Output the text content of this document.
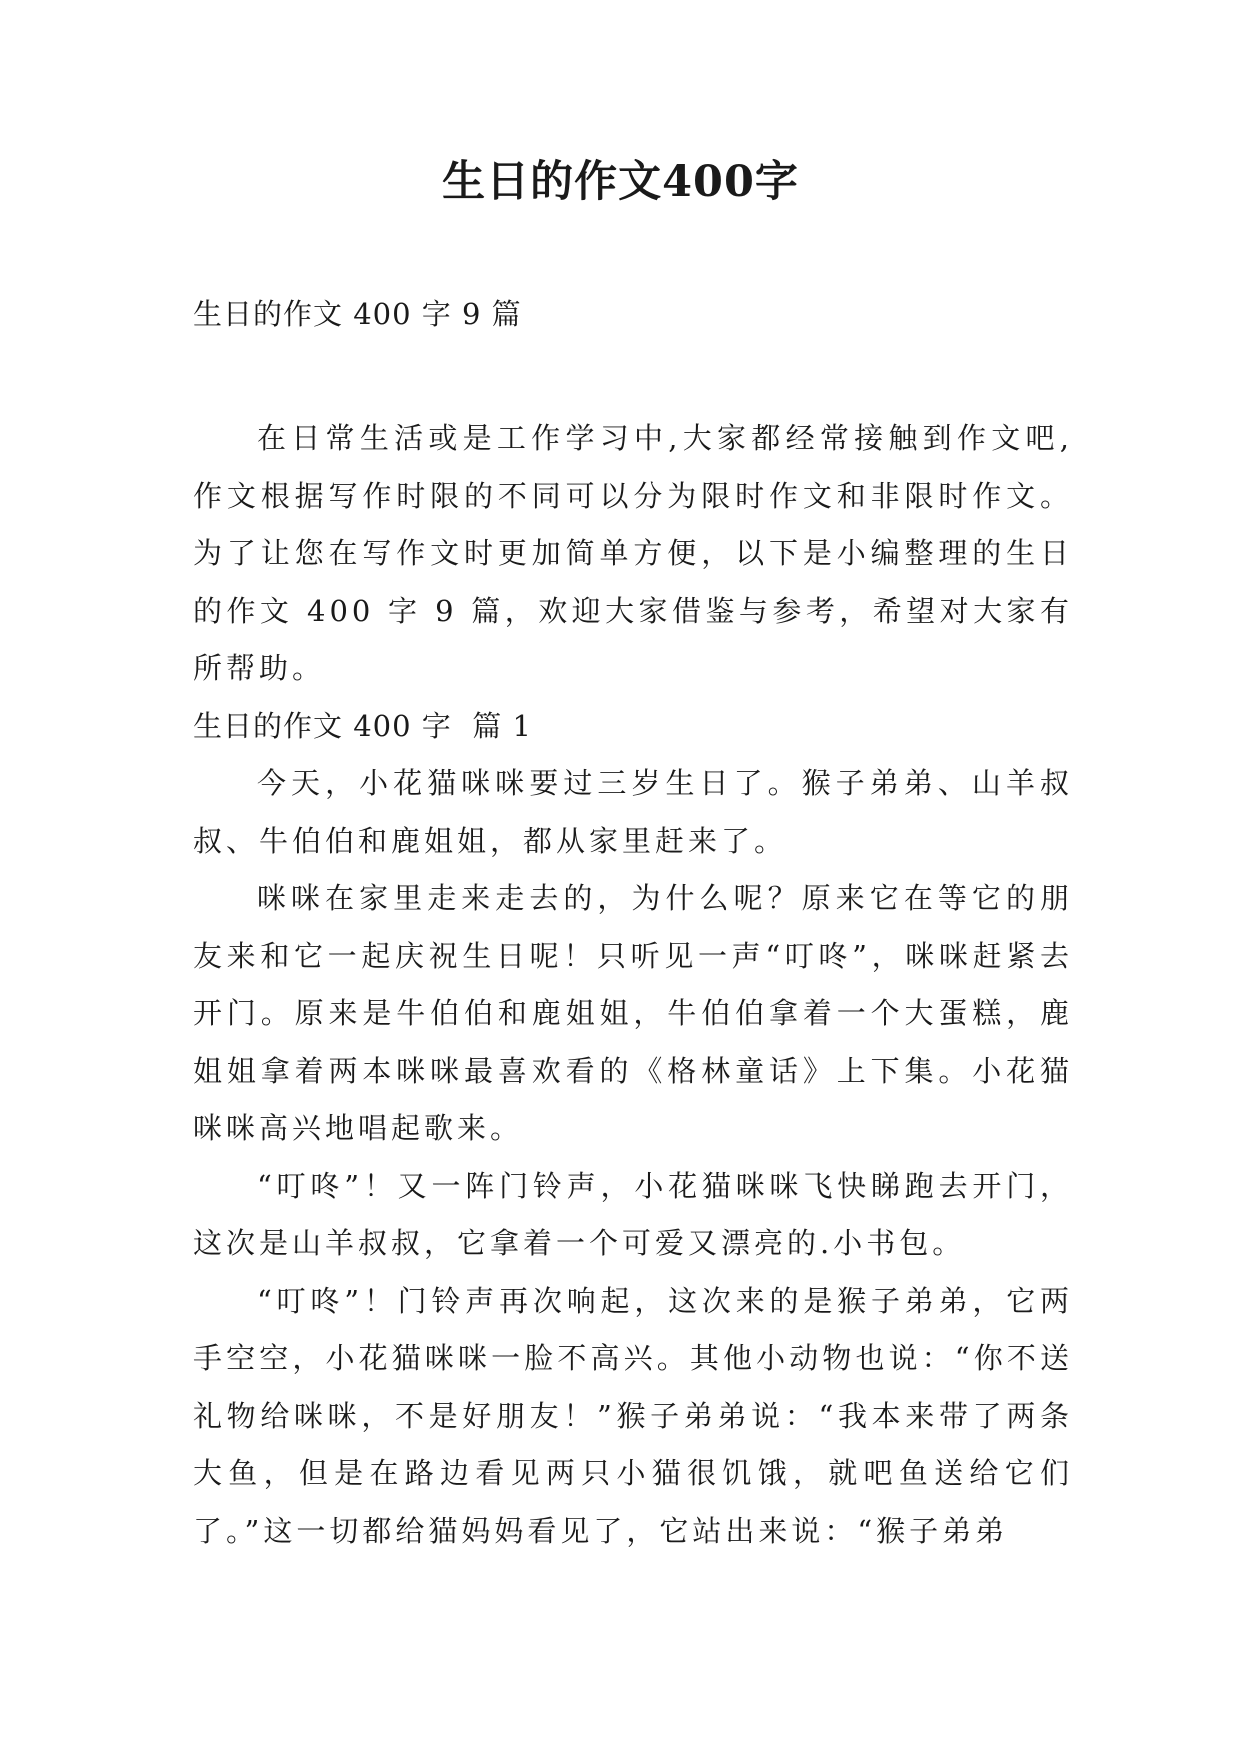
生日的作文400字
生日的作文 400 字 9 篇

在日常生活或是工作学习中,大家都经常接触到作文吧,作文根据写作时限的不同可以分为限时作文和非限时作文。为了让您在写作文时更加简单方便，以下是小编整理的生日的作文 400 字 9 篇，欢迎大家借鉴与参考，希望对大家有所帮助。

生日的作文 400 字  篇 1

今天，小花猫咪咪要过三岁生日了。猴子弟弟、山羊叔叔、牛伯伯和鹿姐姐，都从家里赶来了。

咪咪在家里走来走去的，为什么呢？原来它在等它的朋友来和它一起庆祝生日呢！只听见一声“叮咚”，咪咪赶紧去开门。原来是牛伯伯和鹿姐姐，牛伯伯拿着一个大蛋糕，鹿姐姐拿着两本咪咪最喜欢看的《格林童话》上下集。小花猫咪咪高兴地唱起歌来。

“叮咚”！又一阵门铃声，小花猫咪咪飞快睇跑去开门，这次是山羊叔叔，它拿着一个可爱又漂亮的.小书包。

“叮咚”！门铃声再次响起，这次来的是猴子弟弟，它两手空空，小花猫咪咪一脸不高兴。其他小动物也说：“你不送礼物给咪咪，不是好朋友！”猴子弟弟说：“我本来带了两条大鱼，但是在路边看见两只小猫很饥饿，就吧鱼送给它们了。”这一切都给猫妈妈看见了，它站出来说：“猴子弟弟
